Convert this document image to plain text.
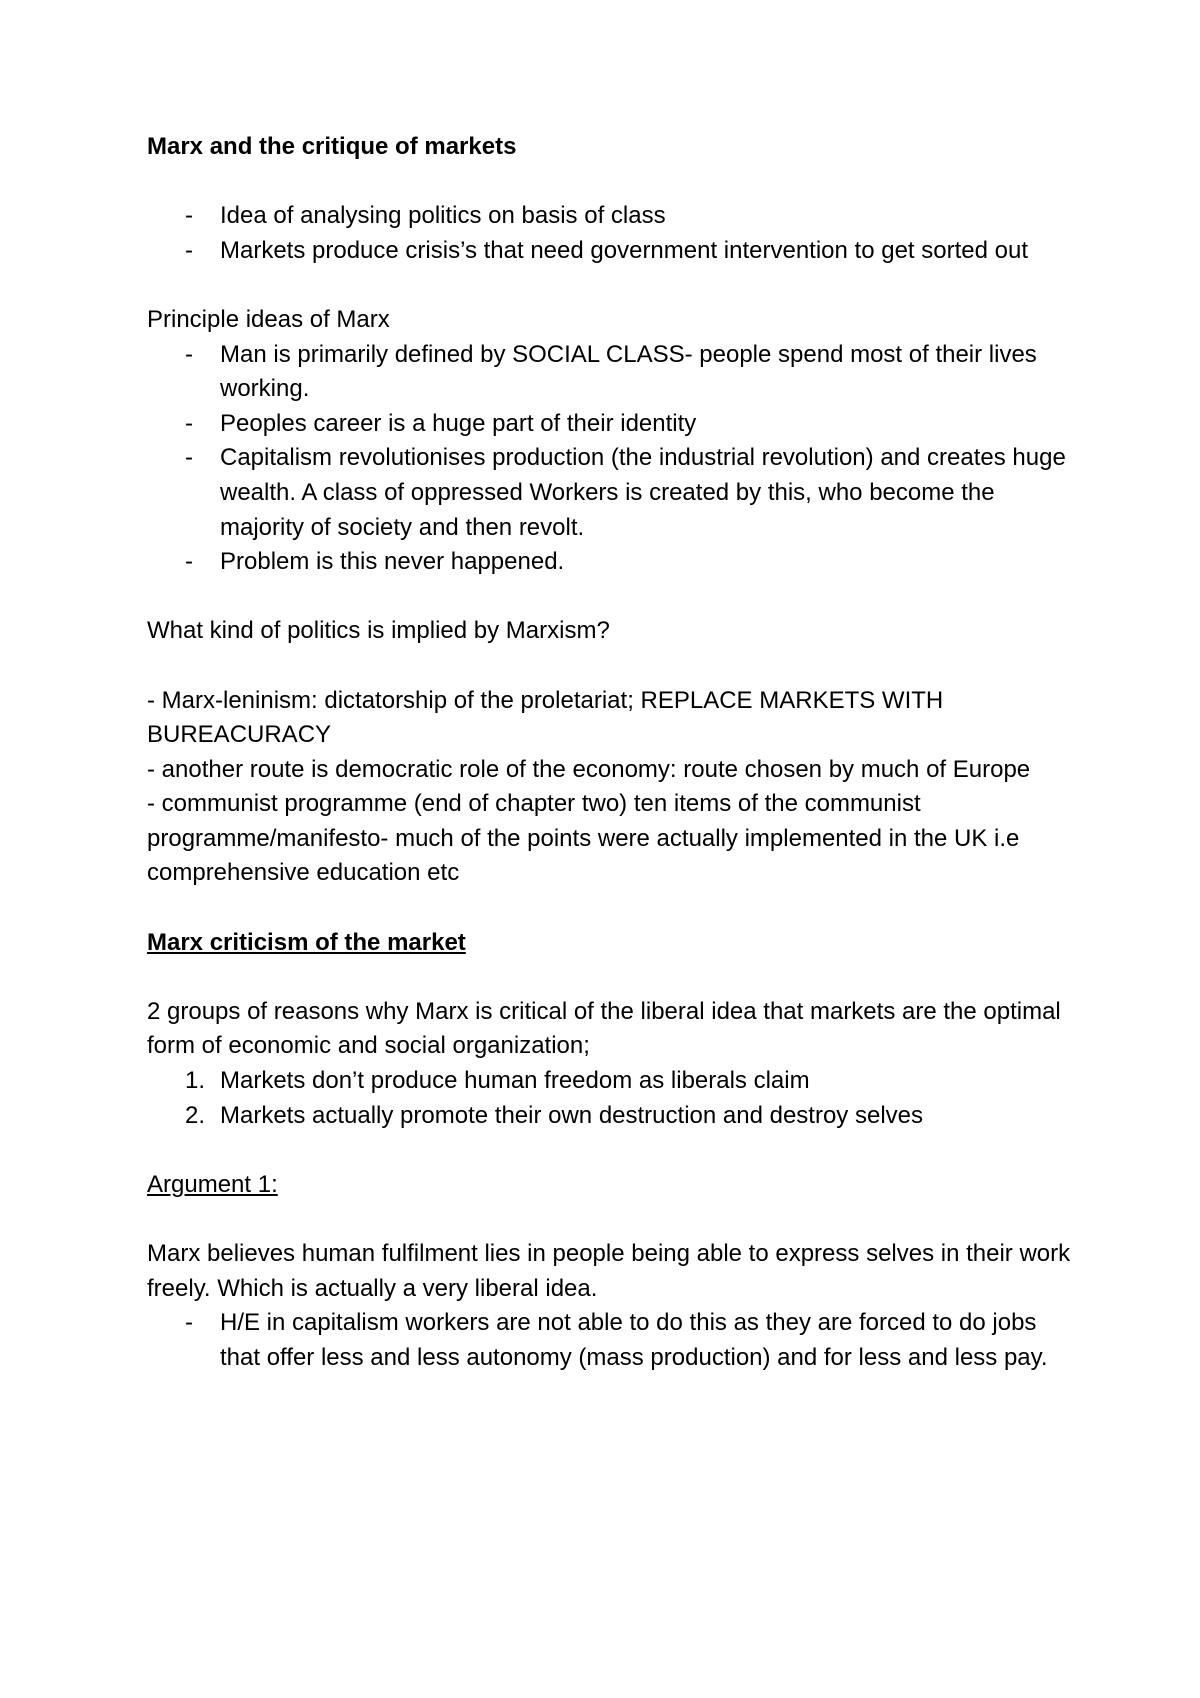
Marx and the critique of markets

-	Idea of analysing politics on basis of class
-	Markets produce crisis’s that need government intervention to get sorted out

Principle ideas of Marx

-	Man is primarily defined by SOCIAL CLASS- people spend most of their lives working.
-	Peoples career is a huge part of their identity
-	Capitalism revolutionises production (the industrial revolution) and creates huge wealth. A class of oppressed Workers is created by this, who become the majority of society and then revolt.
-	Problem is this never happened.

What kind of politics is implied by Marxism?

- Marx-leninism: dictatorship of the proletariat; REPLACE MARKETS WITH BUREACURACY

- another route is democratic role of the economy: route chosen by much of Europe

- communist programme (end of chapter two) ten items of the communist programme/manifesto- much of the points were actually implemented in the UK i.e comprehensive education etc

Marx criticism of the market

2 groups of reasons why Marx is critical of the liberal idea that markets are the optimal form of economic and social organization;

1. Markets don’t produce human freedom as liberals claim
2. Markets actually promote their own destruction and destroy selves

Argument 1:

Marx believes human fulfilment lies in people being able to express selves in their work freely. Which is actually a very liberal idea.

-	H/E in capitalism workers are not able to do this as they are forced to do jobs that offer less and less autonomy (mass production) and for less and less pay.
